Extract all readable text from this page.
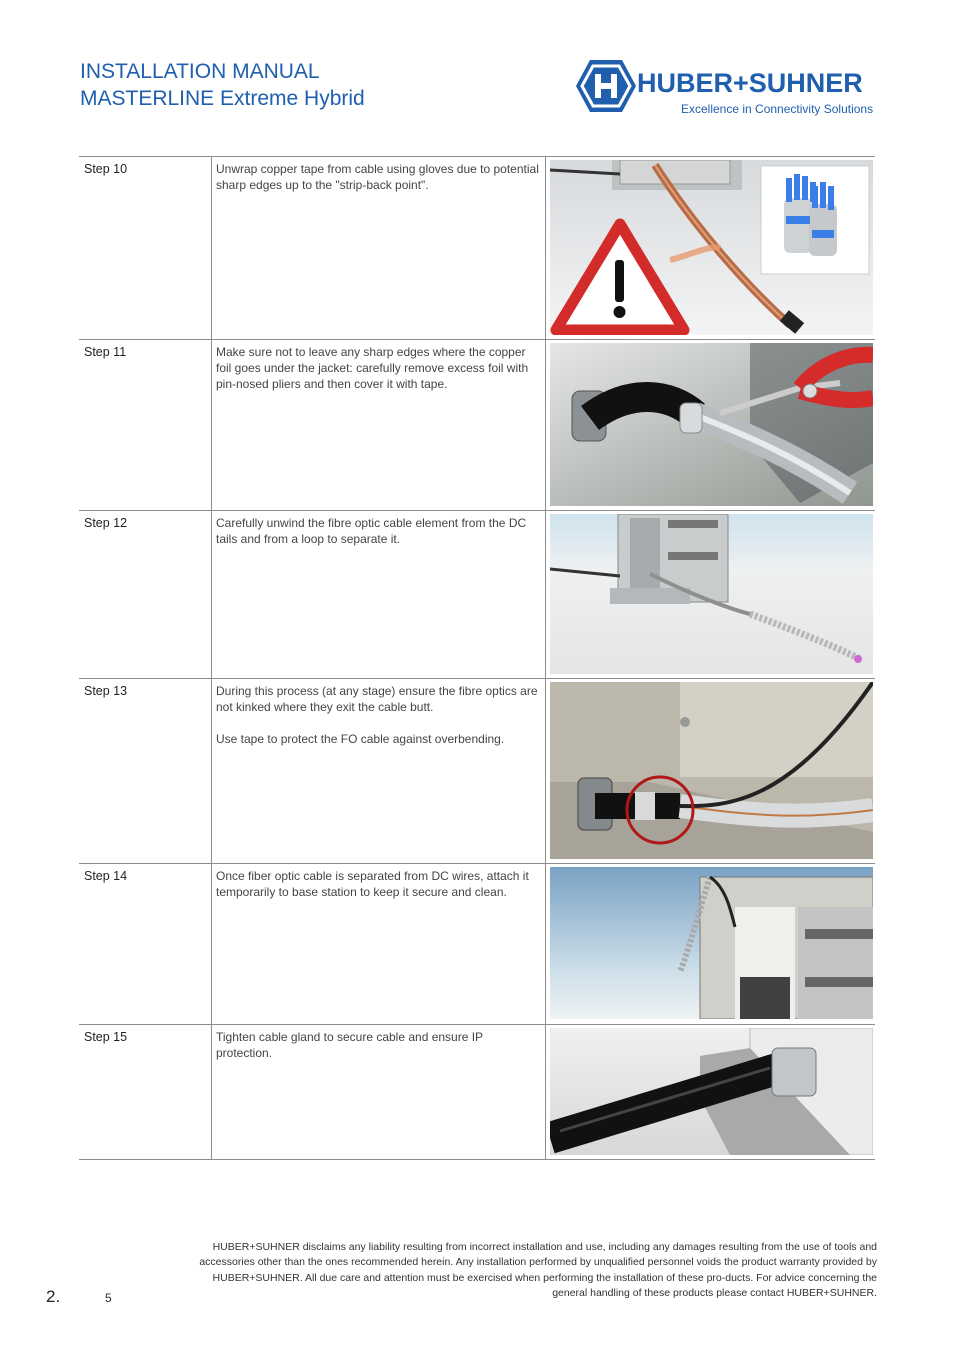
INSTALLATION MANUAL
MASTERLINE Extreme Hybrid
HUBER+SUHNER
Excellence in Connectivity Solutions
Step 10	Unwrap copper tape from cable using gloves due to potential sharp edges up to the "strip-back point".

Step 11	Make sure not to leave any sharp edges where the copper foil goes under the jacket: carefully remove excess foil with pin-nosed pliers and then cover it with tape.

Step 12	Carefully unwind the fibre optic cable element from the DC tails and from a loop to separate it.

Step 13	During this process (at any stage) ensure the fibre optics are not kinked where they exit the cable butt.

Use tape to protect the FO cable against overbending.

Step 14	Once fiber optic cable is separated from DC wires, attach it temporarily to base station to keep it secure and clean.

Step 15	Tighten cable gland to secure cable and ensure IP protection.

HUBER+SUHNER disclaims any liability resulting from incorrect installation and use, including any damages resulting from the use of tools and accessories other than the ones recommended herein. Any installation performed by unqualified personnel voids the product warranty provided by HUBER+SUHNER. All due care and attention must be exercised when performing the installation of these pro-ducts. For advice concerning the general handling of these products please contact HUBER+SUHNER.
2.	5
